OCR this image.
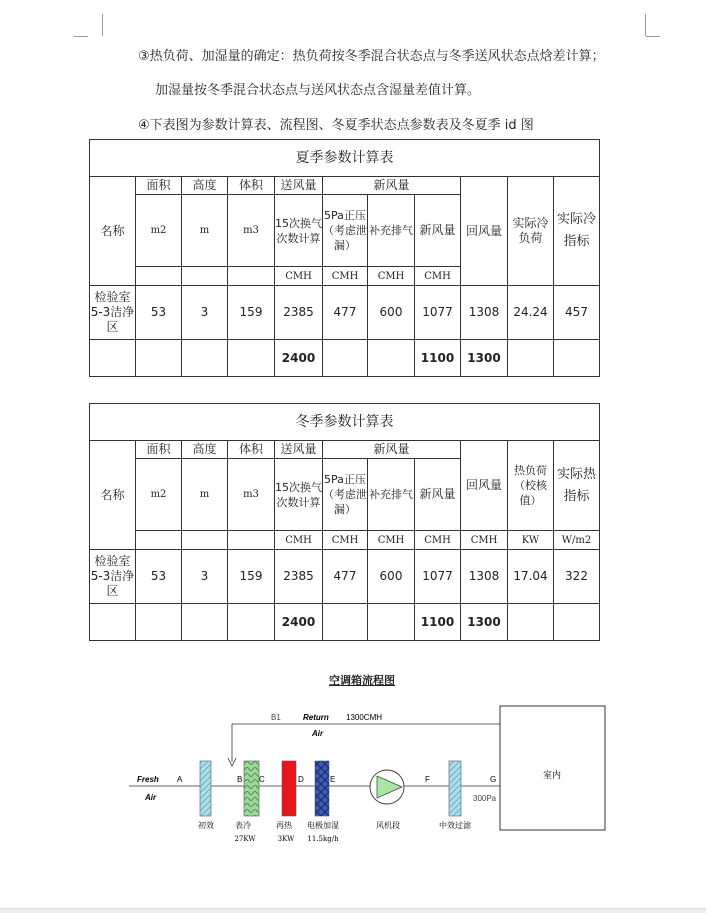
③热负荷、加湿量的确定：热负荷按冬季混合状态点与冬季送风状态点焓差计算；
加湿量按冬季混合状态点与送风状态点含湿量差值计算。
④下表图为参数计算表、流程图、冬夏季状态点参数表及冬夏季 id 图
夏季参数计算表										
名称	面积	高度	体积	送风量	新风量			回风量	实际冷负荷	实际冷指标
	m2	m	m3	15次换气次数计算	5Pa正压（考虑泄漏）	补充排气	新风量			
				CMH	CMH	CMH	CMH			
检验室5-3洁净区	53	3	159	2385	477	600	1077	1308	24.24	457
				2400			1100	1300		
冬季参数计算表										
名称	面积	高度	体积	送风量	新风量			回风量	热负荷（校核值）	实际热指标
	m2	m	m3	15次换气次数计算	5Pa正压（考虑泄漏）	补充排气	新风量			
				CMH	CMH	CMH	CMH	CMH	KW	W/m2
检验室5-3洁净区	53	3	159	2385	477	600	1077	1308	17.04	322
				2400			1100	1300		
空调箱流程图
室内
B1	Return 1300CMH
Air
Fresh
Air
A	B C	D	E	F	G
300Pa
初效	表冷
27KW
再热
3KW
电极加湿
11.5kg/h
风机段	中效过滤
